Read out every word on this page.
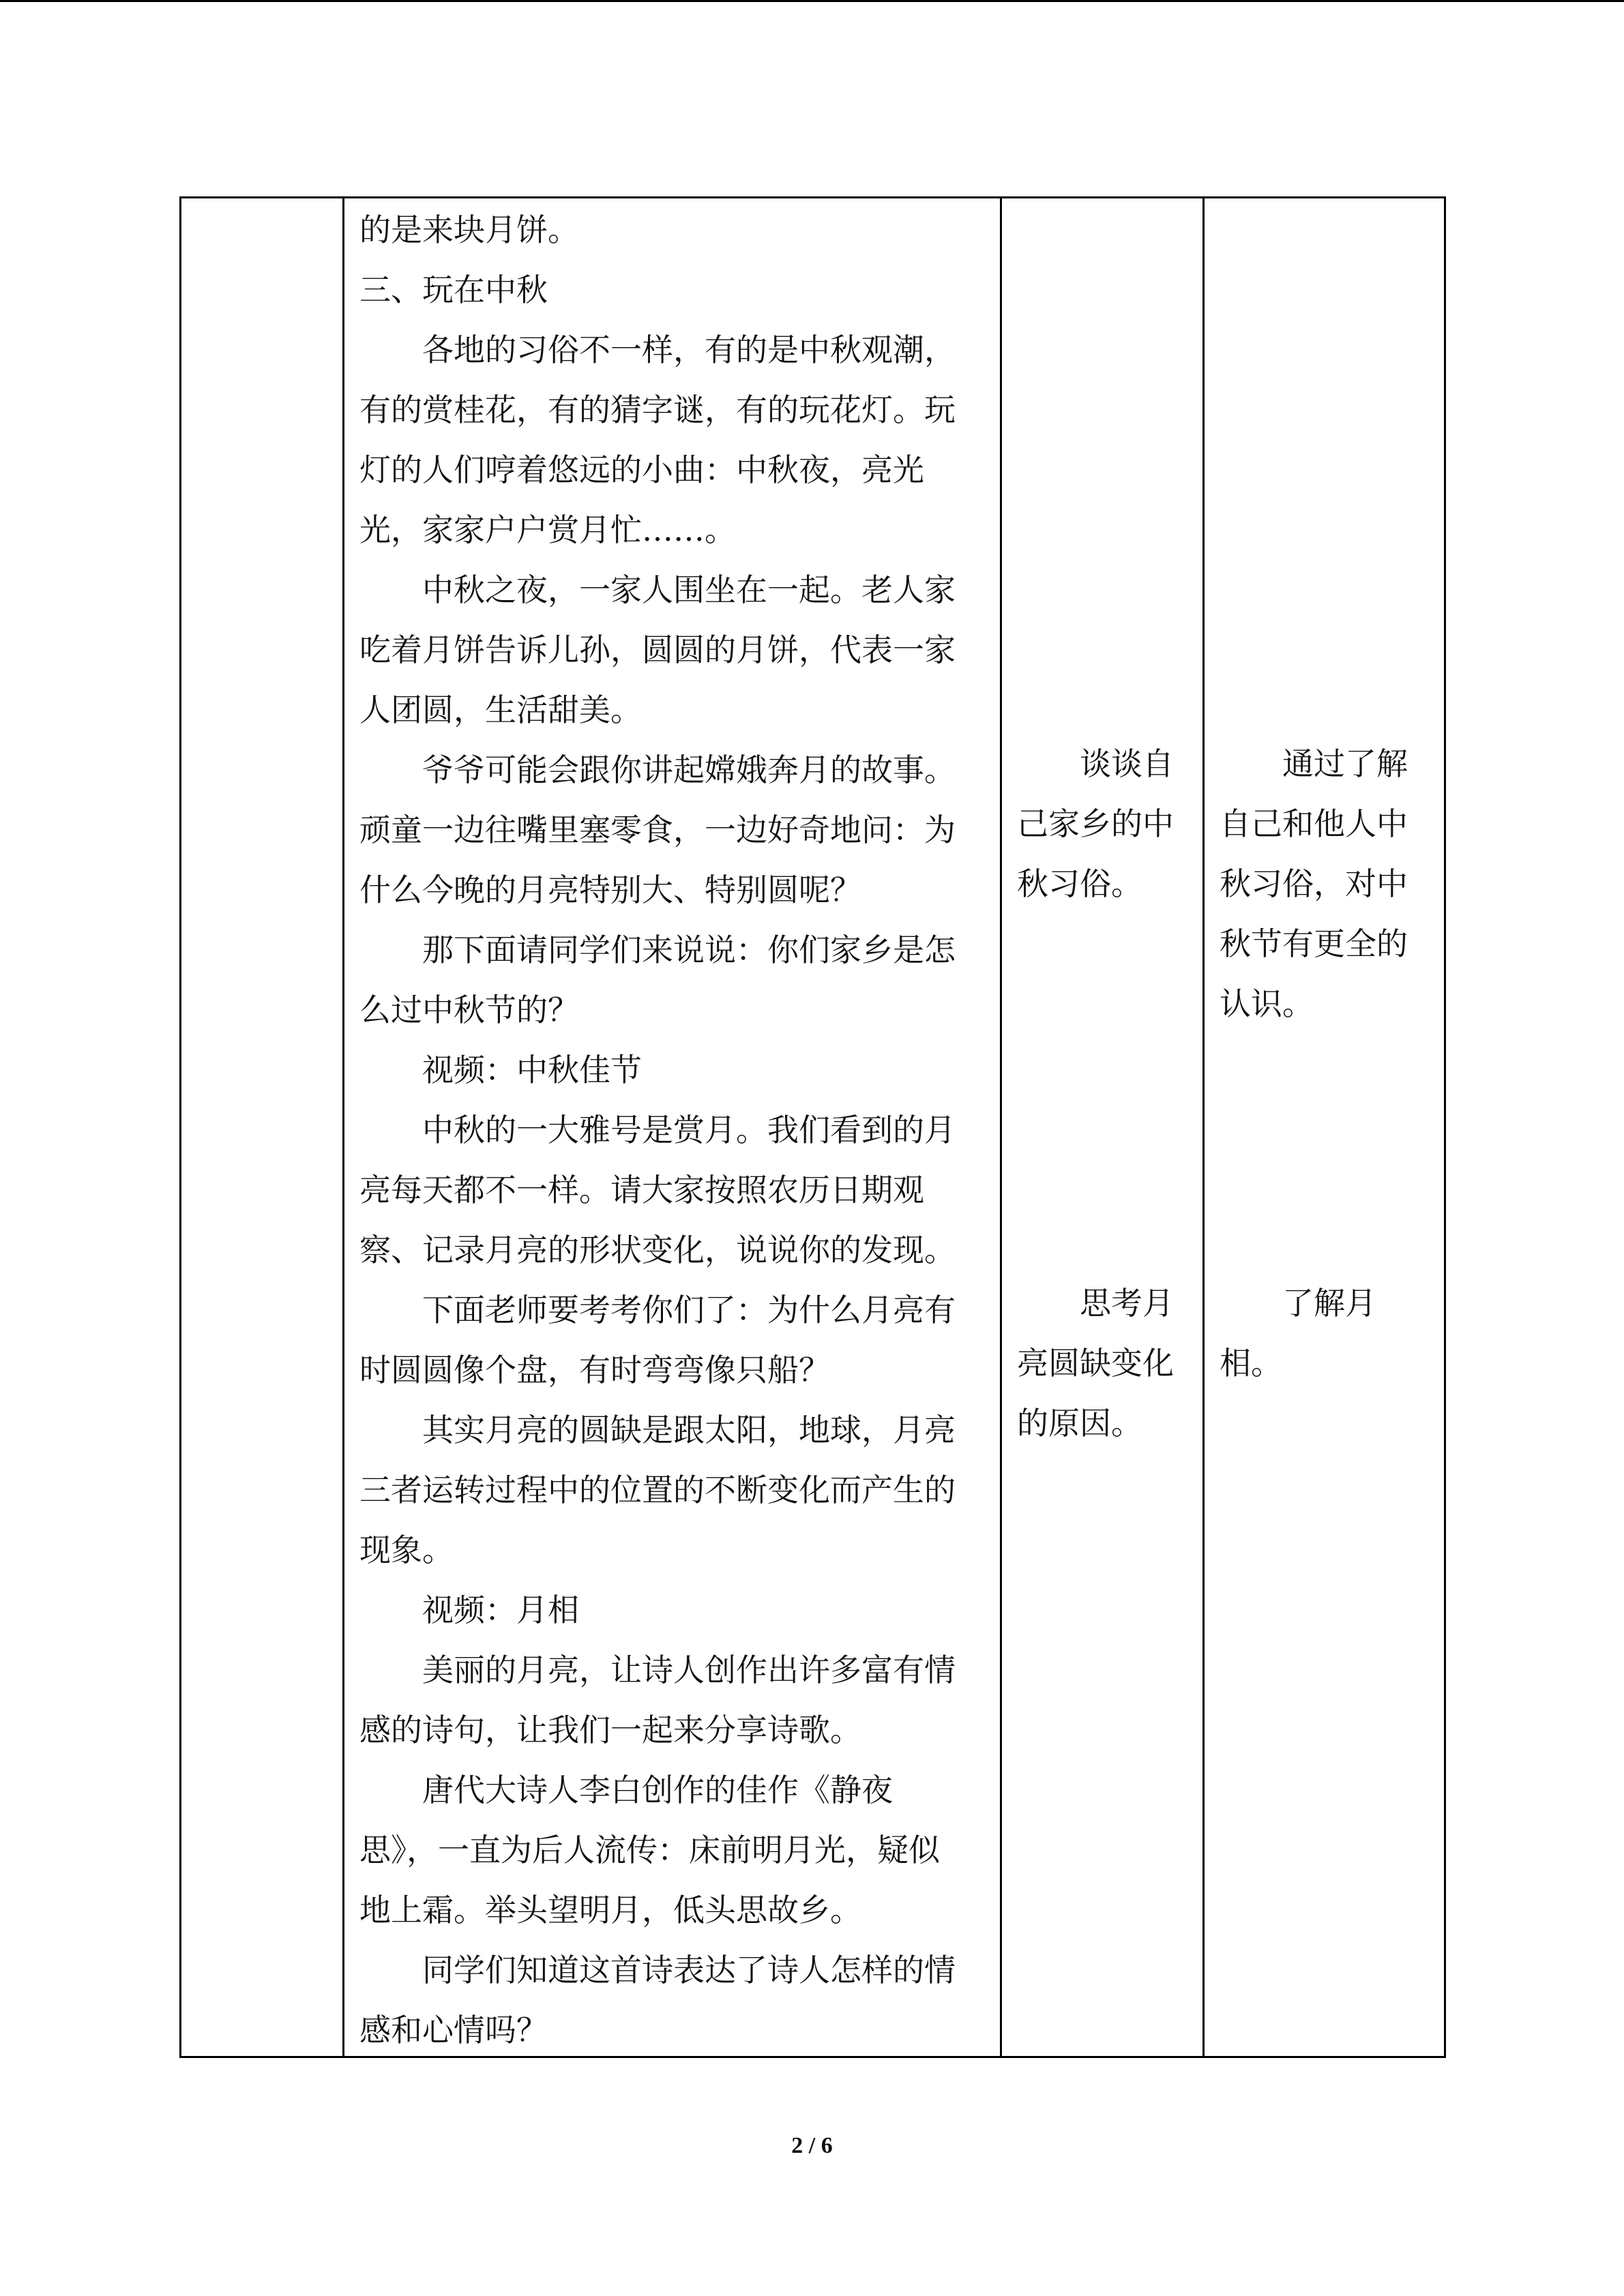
的是来块月饼。

三、玩在中秋

　　各地的习俗不一样，有的是中秋观潮，

有的赏桂花，有的猜字谜，有的玩花灯。玩

灯的人们哼着悠远的小曲：中秋夜，亮光

光，家家户户赏月忙……。

　　中秋之夜，一家人围坐在一起。老人家

吃着月饼告诉儿孙，圆圆的月饼，代表一家

人团圆，生活甜美。

　　爷爷可能会跟你讲起嫦娥奔月的故事。

顽童一边往嘴里塞零食，一边好奇地问：为

什么今晚的月亮特别大、特别圆呢？

　　那下面请同学们来说说：你们家乡是怎

么过中秋节的？

　　视频：中秋佳节

　　中秋的一大雅号是赏月。我们看到的月

亮每天都不一样。请大家按照农历日期观

察、记录月亮的形状变化，说说你的发现。

　　下面老师要考考你们了：为什么月亮有

时圆圆像个盘，有时弯弯像只船？

　　其实月亮的圆缺是跟太阳，地球，月亮

三者运转过程中的位置的不断变化而产生的

现象。

　　视频：月相

　　美丽的月亮，让诗人创作出许多富有情

感的诗句，让我们一起来分享诗歌。

　　唐代大诗人李白创作的佳作《静夜

思》，一直为后人流传：床前明月光，疑似

地上霜。举头望明月，低头思故乡。

　　同学们知道这首诗表达了诗人怎样的情

感和心情吗？

　　谈谈自

己家乡的中

秋习俗。

　　思考月

亮圆缺变化

的原因。

　　通过了解

自己和他人中

秋习俗，对中

秋节有更全的

认识。

　　了解月

相。

2 / 6
